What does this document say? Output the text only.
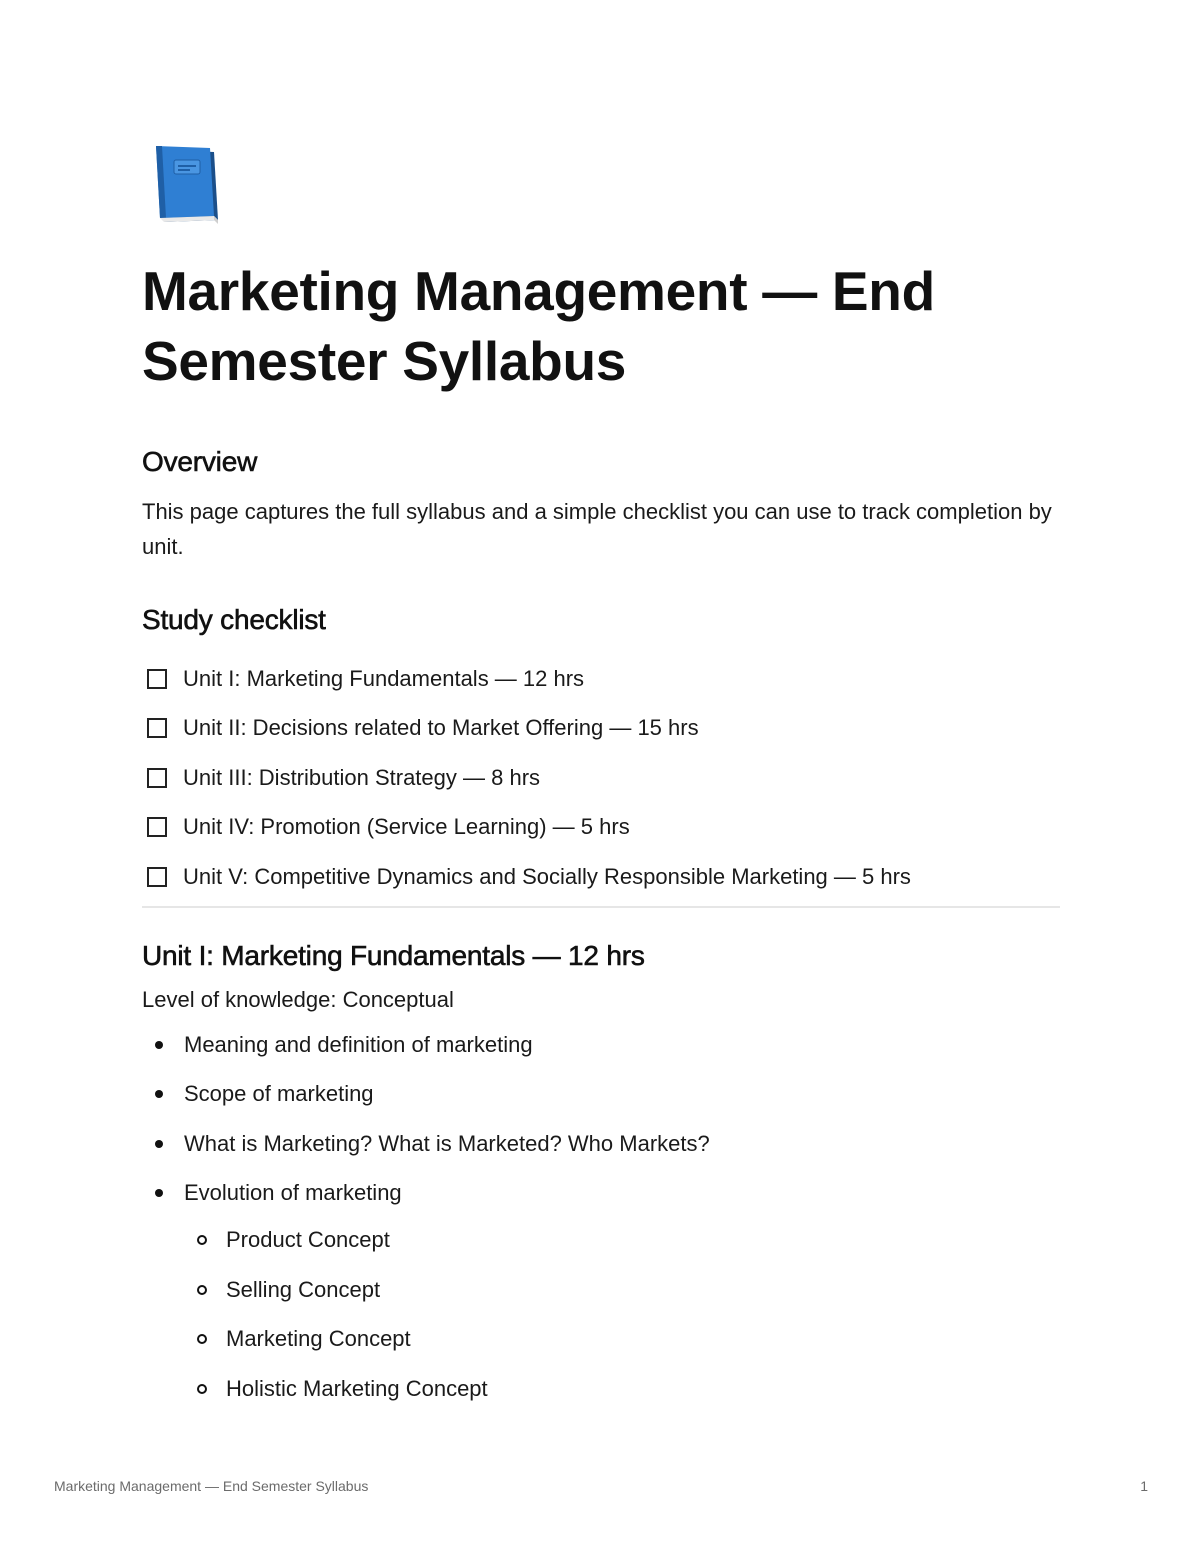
Marketing Management — End Semester Syllabus
Overview

This page captures the full syllabus and a simple checklist you can use to track completion by unit.

Study checklist
Unit I: Marketing Fundamentals — 12 hrs
Unit II: Decisions related to Market Offering — 15 hrs
Unit III: Distribution Strategy — 8 hrs
Unit IV: Promotion (Service Learning) — 5 hrs
Unit V: Competitive Dynamics and Socially Responsible Marketing — 5 hrs
Unit I: Marketing Fundamentals — 12 hrs

Level of knowledge: Conceptual

Meaning and definition of marketing
Scope of marketing
What is Marketing? What is Marketed? Who Markets?
Evolution of marketing
Product Concept
Selling Concept
Marketing Concept
Holistic Marketing Concept
Marketing Management — End Semester Syllabus	1
